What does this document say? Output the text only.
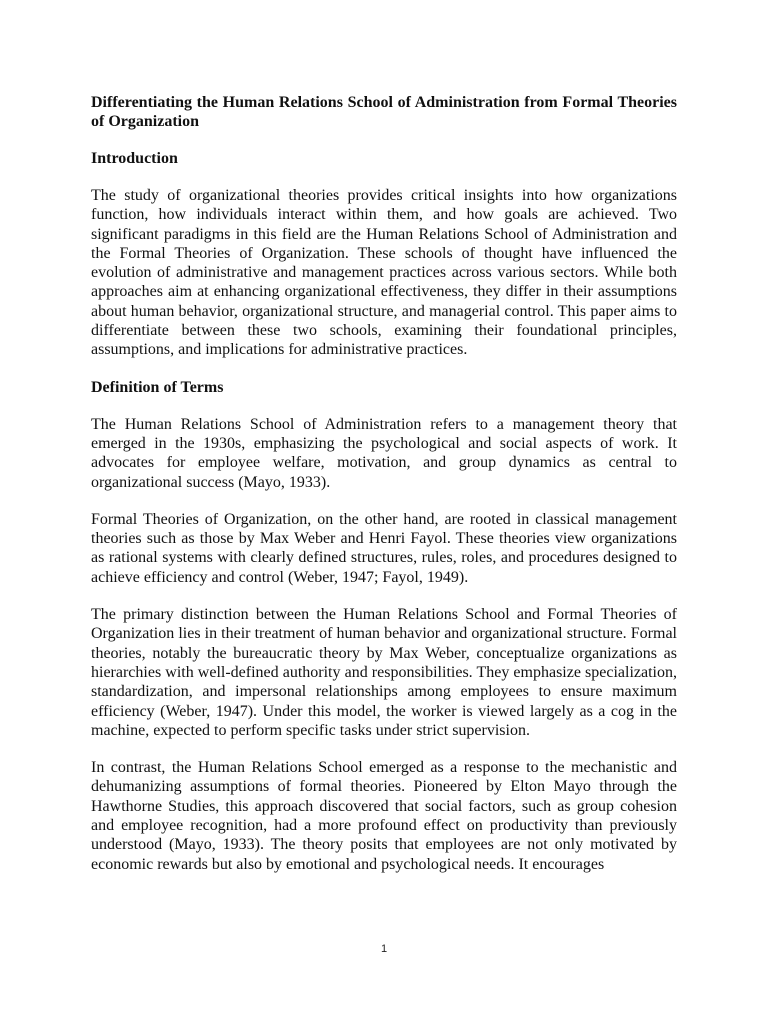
Differentiating the Human Relations School of Administration from Formal Theories of Organization
Introduction
The study of organizational theories provides critical insights into how organizations function, how individuals interact within them, and how goals are achieved. Two significant paradigms in this field are the Human Relations School of Administration and the Formal Theories of Organization. These schools of thought have influenced the evolution of administrative and management practices across various sectors. While both approaches aim at enhancing organizational effectiveness, they differ in their assumptions about human behavior, organizational structure, and managerial control. This paper aims to differentiate between these two schools, examining their foundational principles, assumptions, and implications for administrative practices.
Definition of Terms
The Human Relations School of Administration refers to a management theory that emerged in the 1930s, emphasizing the psychological and social aspects of work. It advocates for employee welfare, motivation, and group dynamics as central to organizational success (Mayo, 1933).
Formal Theories of Organization, on the other hand, are rooted in classical management theories such as those by Max Weber and Henri Fayol. These theories view organizations as rational systems with clearly defined structures, rules, roles, and procedures designed to achieve efficiency and control (Weber, 1947; Fayol, 1949).
The primary distinction between the Human Relations School and Formal Theories of Organization lies in their treatment of human behavior and organizational structure. Formal theories, notably the bureaucratic theory by Max Weber, conceptualize organizations as hierarchies with well-defined authority and responsibilities. They emphasize specialization, standardization, and impersonal relationships among employees to ensure maximum efficiency (Weber, 1947). Under this model, the worker is viewed largely as a cog in the machine, expected to perform specific tasks under strict supervision.
In contrast, the Human Relations School emerged as a response to the mechanistic and dehumanizing assumptions of formal theories. Pioneered by Elton Mayo through the Hawthorne Studies, this approach discovered that social factors, such as group cohesion and employee recognition, had a more profound effect on productivity than previously understood (Mayo, 1933). The theory posits that employees are not only motivated by economic rewards but also by emotional and psychological needs. It encourages
1
